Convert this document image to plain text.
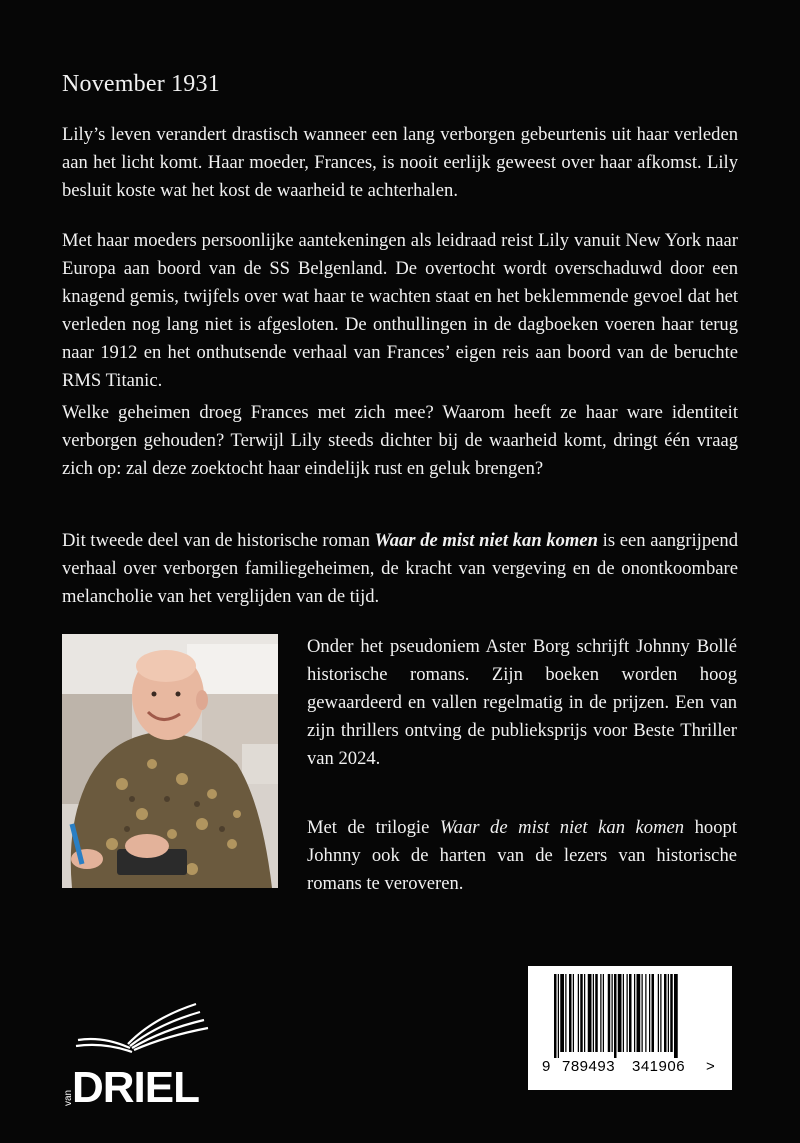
November 1931

Lily’s leven verandert drastisch wanneer een lang verborgen gebeurtenis uit haar verleden aan het licht komt. Haar moeder, Frances, is nooit eerlijk geweest over haar afkomst. Lily besluit koste wat het kost de waarheid te achterhalen.

Met haar moeders persoonlijke aantekeningen als leidraad reist Lily vanuit New York naar Europa aan boord van de SS Belgenland. De overtocht wordt overschaduwd door een knagend gemis, twijfels over wat haar te wachten staat en het beklemmende gevoel dat het verleden nog lang niet is afgesloten. De onthullingen in de dagboeken voeren haar terug naar 1912 en het onthutsende verhaal van Frances’ eigen reis aan boord van de beruchte RMS Titanic.

Welke geheimen droeg Frances met zich mee? Waarom heeft ze haar ware identiteit verborgen gehouden? Terwijl Lily steeds dichter bij de waarheid komt, dringt één vraag zich op: zal deze zoektocht haar eindelijk rust en geluk brengen?

Dit tweede deel van de historische roman Waar de mist niet kan komen is een aangrijpend verhaal over verborgen familiegeheimen, de kracht van vergeving en de onontkoombare melancholie van het verglijden van de tijd.

Onder het pseudoniem Aster Borg schrijft Johnny Bollé historische romans. Zijn boeken worden hoog gewaardeerd en vallen regelmatig in de prijzen. Een van zijn thrillers ontving de publieksprijs voor Beste Thriller van 2024.

Met de trilogie Waar de mist niet kan komen hoopt Johnny ook de harten van de lezers van historische romans te veroveren.

9 789493 341906 >
van
DRIEL
